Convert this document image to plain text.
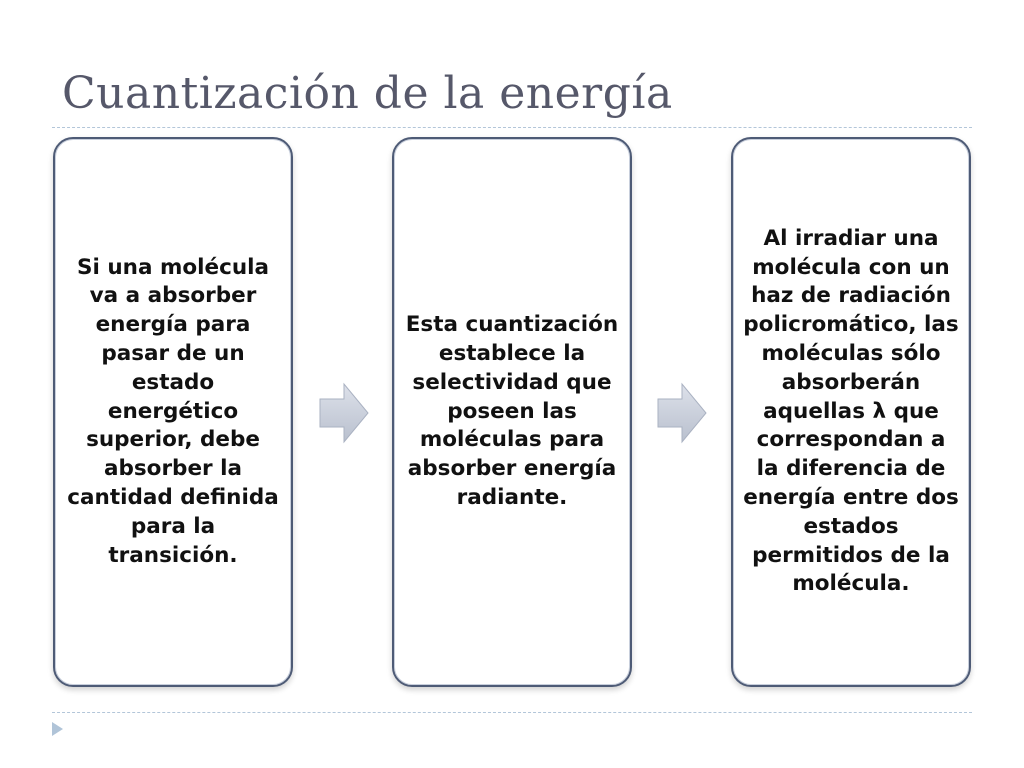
Cuantización de la energía
Si una molécula va a absorber energía para pasar de un estado energético superior, debe absorber la cantidad definida para la transición.
Esta cuantización establece la selectividad que poseen las moléculas para absorber energía radiante.
Al irradiar una molécula con un haz de radiación policromático, las moléculas sólo absorberán aquellas λ que correspondan a la diferencia de energía entre dos estados permitidos de la molécula.
